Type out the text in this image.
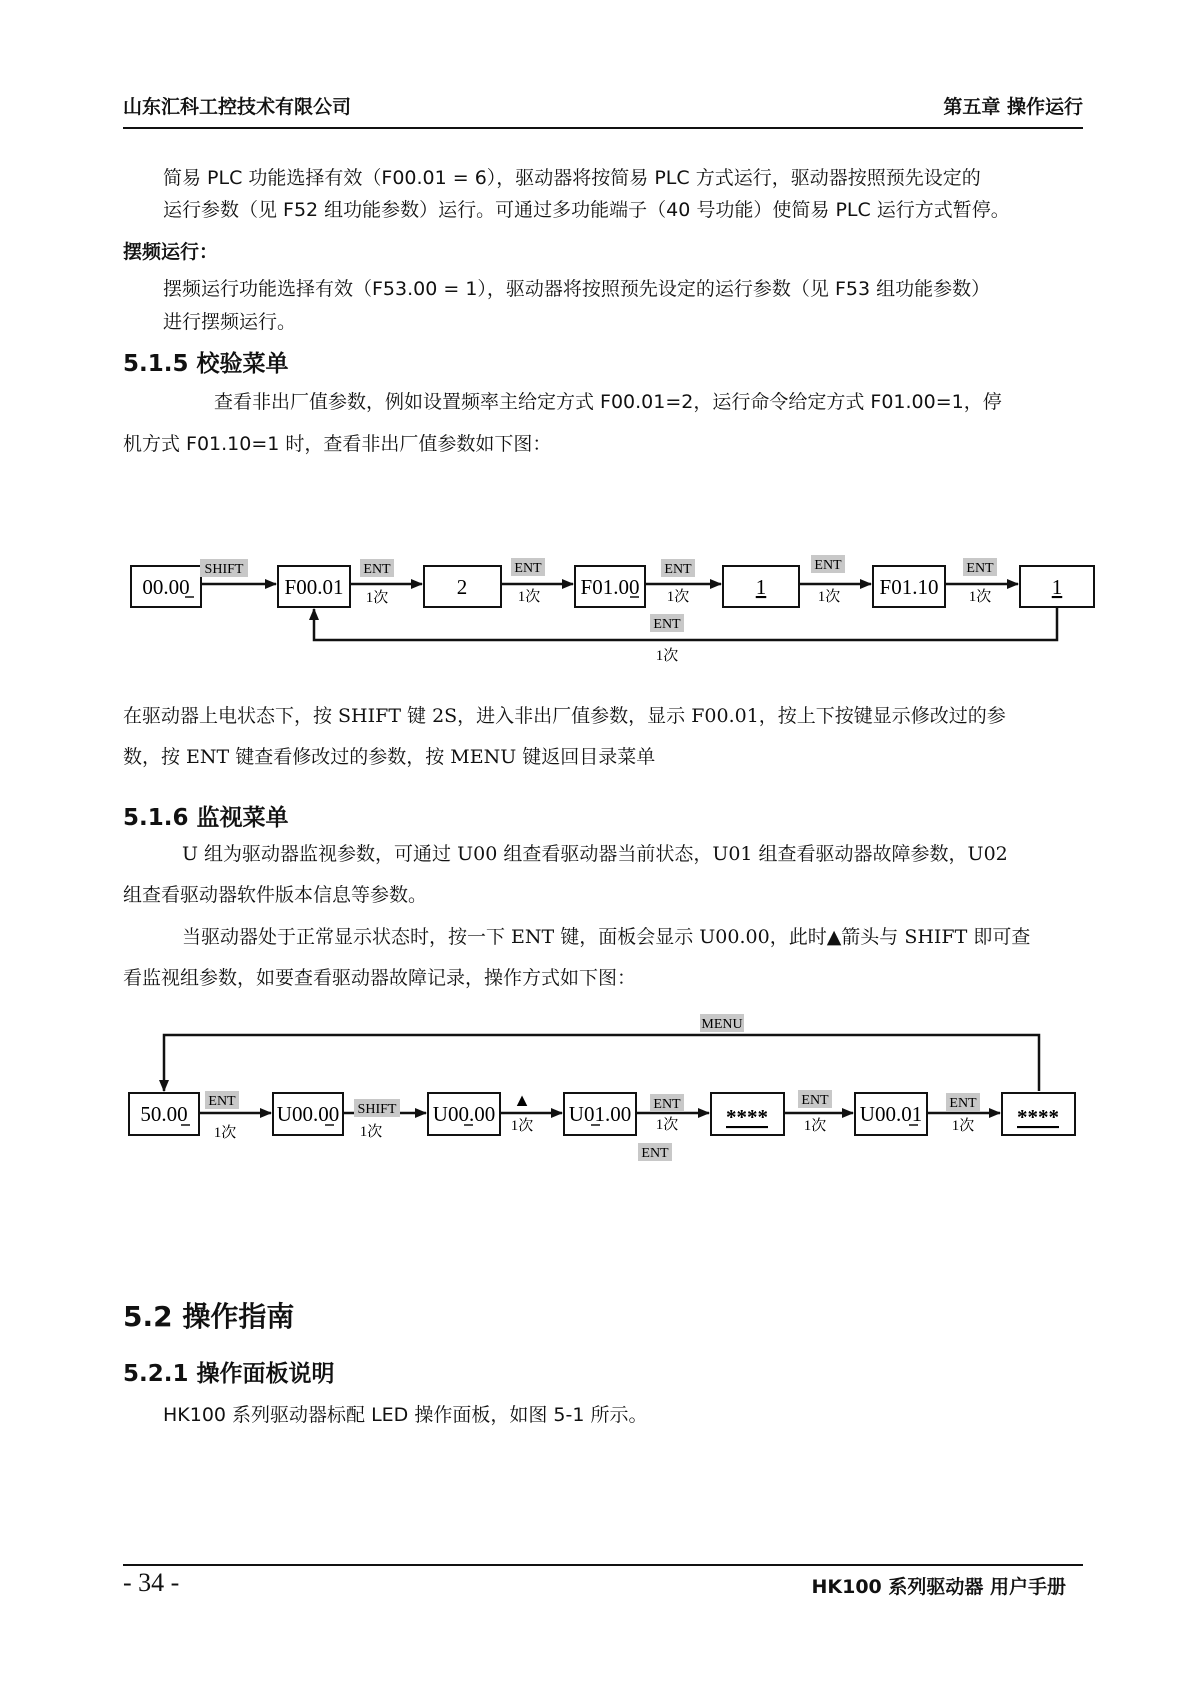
山东汇科工控技术有限公司	第五章 操作运行
简易 PLC 功能选择有效（F00.01 = 6），驱动器将按简易 PLC 方式运行，驱动器按照预先设定的
运行参数（见 F52 组功能参数）运行。可通过多功能端子（40 号功能）使简易 PLC 运行方式暂停。
摆频运行：
摆频运行功能选择有效（F53.00 = 1），驱动器将按照预先设定的运行参数（见 F53 组功能参数）
进行摆频运行。
5.1.5 校验菜单
查看非出厂值参数，例如设置频率主给定方式 F00.01=2，运行命令给定方式 F01.00=1，停
机方式 F01.10=1 时，查看非出厂值参数如下图：
00.00	F00.01	2	F01.00	1	F01.10	1
SHIFT	ENT	ENT	ENT	ENT	ENT
1次	1次	1次	1次	1次
ENT
1次
在驱动器上电状态下，按 SHIFT 键 2S，进入非出厂值参数，显示 F00.01，按上下按键显示修改过的参
数，按 ENT 键查看修改过的参数，按 MENU 键返回目录菜单
5.1.6 监视菜单
U 组为驱动器监视参数，可通过 U00 组查看驱动器当前状态，U01 组查看驱动器故障参数，U02
组查看驱动器软件版本信息等参数。
当驱动器处于正常显示状态时，按一下 ENT 键，面板会显示 U00.00，此时▲箭头与 SHIFT 即可查
看监视组参数，如要查看驱动器故障记录，操作方式如下图：
MENU
50.00	U00.00	U00.00	U01.00	****	U00.01	****
ENT
SHIFT	▲	ENT	ENT	ENT
1次	1次	1次	1次	1次	1次
ENT
5.2 操作指南
5.2.1 操作面板说明
HK100 系列驱动器标配 LED 操作面板，如图 5-1 所示。
- 34 -	HK100 系列驱动器 用户手册
